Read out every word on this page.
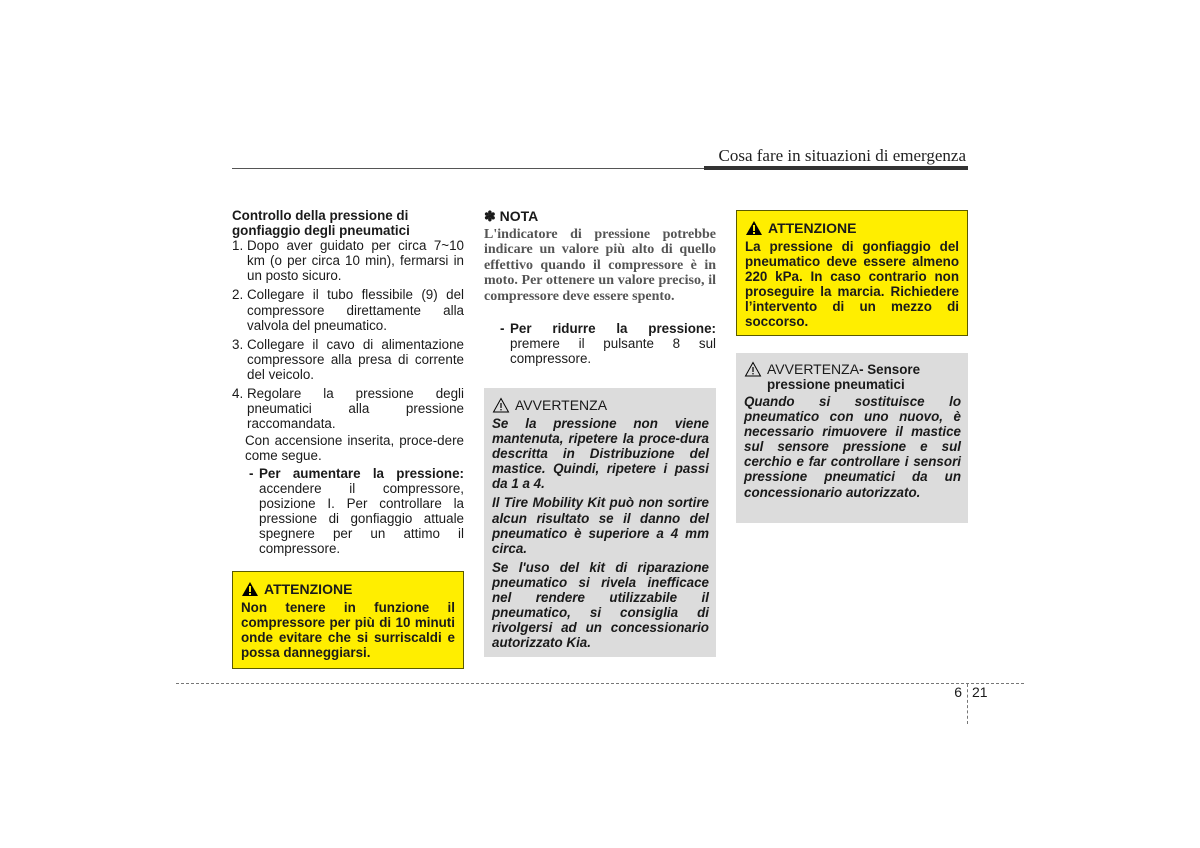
Cosa fare in situazioni di emergenza
Controllo della pressione di gonfiaggio degli pneumatici
1. Dopo aver guidato per circa 7~10 km (o per circa 10 min), fermarsi in un posto sicuro.
2. Collegare il tubo flessibile (9) del compressore direttamente alla valvola del pneumatico.
3. Collegare il cavo di alimentazione compressore alla presa di corrente del veicolo.
4. Regolare la pressione degli pneumatici alla pressione raccomandata.
Con accensione inserita, proce-dere come segue.
- Per aumentare la pressione: accendere il compressore, posizione I. Per controllare la pressione di gonfiaggio attuale spegnere per un attimo il compressore.
ATTENZIONE
Non tenere in funzione il compressore per più di 10 minuti onde evitare che si surriscaldi e possa danneggiarsi.
✽ NOTA
L'indicatore di pressione potrebbe indicare un valore più alto di quello effettivo quando il compressore è in moto. Per ottenere un valore preciso, il compressore deve essere spento.
- Per ridurre la pressione: premere il pulsante 8 sul compressore.
AVVERTENZA
Se la pressione non viene mantenuta, ripetere la proce-dura descritta in Distribuzione del mastice. Quindi, ripetere i passi da 1 a 4.
Il Tire Mobility Kit può non sortire alcun risultato se il danno del pneumatico è superiore a 4 mm circa.
Se l'uso del kit di riparazione pneumatico si rivela inefficace nel rendere utilizzabile il pneumatico, si consiglia di rivolgersi ad un concessionario autorizzato Kia.
ATTENZIONE
La pressione di gonfiaggio del pneumatico deve essere almeno 220 kPa. In caso contrario non proseguire la marcia. Richiedere l’intervento di un mezzo di soccorso.
AVVERTENZA - Sensore
pressione pneumatici
Quando si sostituisce lo pneumatico con uno nuovo, è necessario rimuovere il mastice sul sensore pressione e sul cerchio e far controllare i sensori pressione pneumatici da un concessionario autorizzato.
6 21
